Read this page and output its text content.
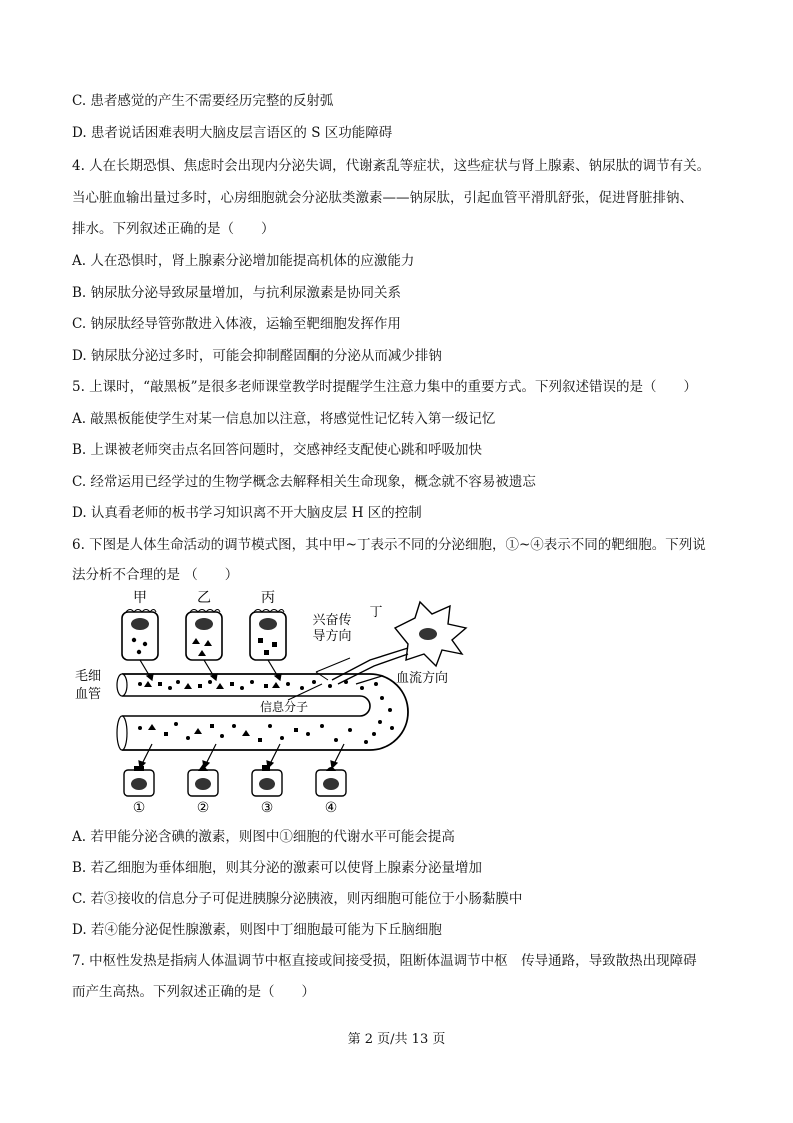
C. 患者感觉的产生不需要经历完整的反射弧
D. 患者说话困难表明大脑皮层言语区的 S 区功能障碍
4. 人在长期恐惧、焦虑时会出现内分泌失调，代谢紊乱等症状，这些症状与肾上腺素、钠尿肽的调节有关。
当心脏血输出量过多时，心房细胞就会分泌肽类激素——钠尿肽，引起血管平滑肌舒张，促进肾脏排钠、
排水。下列叙述正确的是（　　）
A. 人在恐惧时，肾上腺素分泌增加能提高机体的应激能力
B. 钠尿肽分泌导致尿量增加，与抗利尿激素是协同关系
C. 钠尿肽经导管弥散进入体液，运输至靶细胞发挥作用
D. 钠尿肽分泌过多时，可能会抑制醛固酮的分泌从而减少排钠
5. 上课时，“敲黑板”是很多老师课堂教学时提醒学生注意力集中的重要方式。下列叙述错误的是（　　）
A. 敲黑板能使学生对某一信息加以注意，将感觉性记忆转入第一级记忆
B. 上课被老师突击点名回答问题时，交感神经支配使心跳和呼吸加快
C. 经常运用已经学过的生物学概念去解释相关生命现象，概念就不容易被遗忘
D. 认真看老师的板书学习知识离不开大脑皮层 H 区的控制
6. 下图是人体生命活动的调节模式图，其中甲~丁表示不同的分泌细胞，①~④表示不同的靶细胞。下列说
法分析不合理的是 （　　）
A. 若甲能分泌含碘的激素，则图中①细胞的代谢水平可能会提高
B. 若乙细胞为垂体细胞，则其分泌的激素可以使肾上腺素分泌量增加
C. 若③接收的信息分子可促进胰腺分泌胰液，则丙细胞可能位于小肠黏膜中
D. 若④能分泌促性腺激素，则图中丁细胞最可能为下丘脑细胞
7. 中枢性发热是指病人体温调节中枢直接或间接受损，阻断体温调节中枢　传导通路，导致散热出现障碍
而产生高热。下列叙述正确的是（　　）
甲	乙	丙
丁
兴奋传
导方向
毛细
血管
血流方向
信息分子
①	②	③	④
第 2 页/共 13 页
